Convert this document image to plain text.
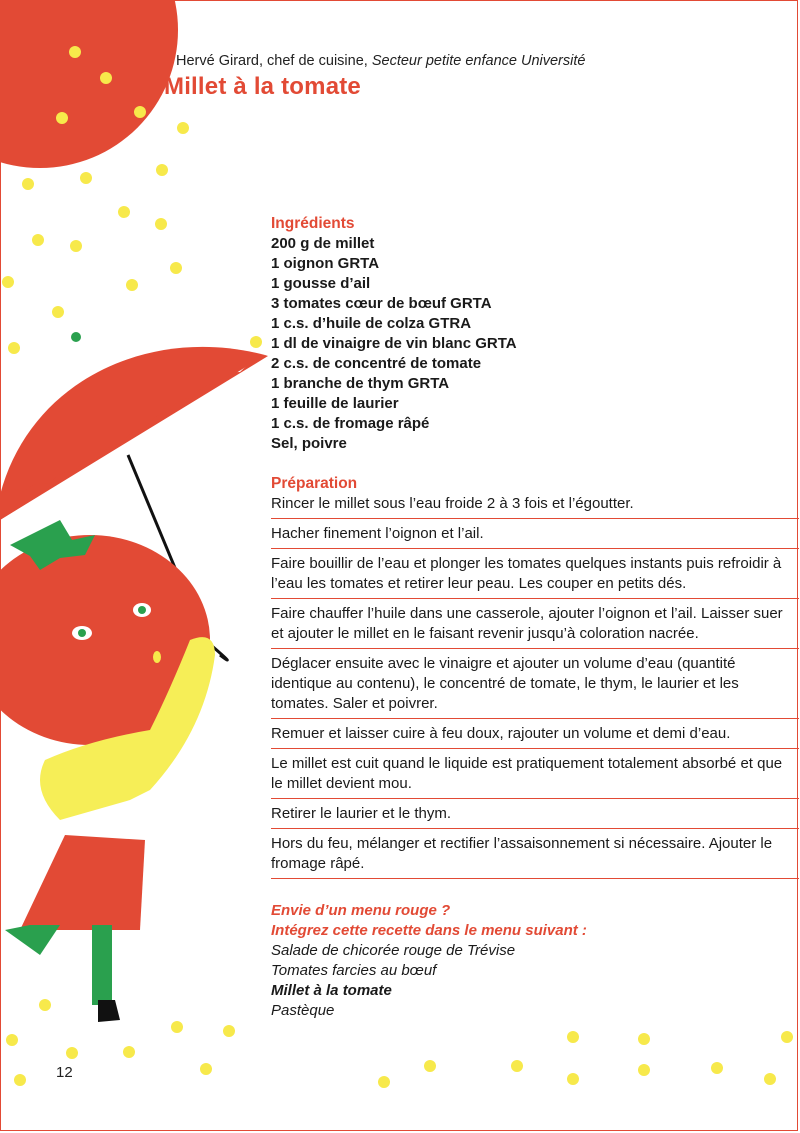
Hervé Girard, chef de cuisine, Secteur petite enfance Université
Millet à la tomate
Ingrédients
200 g de millet
1 oignon GRTA
1 gousse d’ail
3 tomates cœur de bœuf GRTA
1 c.s. d’huile de colza GTRA
1 dl de vinaigre de vin blanc GRTA
2 c.s. de concentré de tomate
1 branche de thym GRTA
1 feuille de laurier
1 c.s. de fromage râpé
Sel, poivre
Préparation
Rincer le millet sous l’eau froide 2 à 3 fois et l’égoutter.
Hacher finement l’oignon et l’ail.
Faire bouillir de l’eau et plonger les tomates quelques instants puis refroidir à l’eau les tomates et retirer leur peau. Les couper en petits dés.
Faire chauffer l’huile dans une casserole, ajouter l’oignon et l’ail. Laisser suer et ajouter le millet en le faisant revenir jusqu’à coloration nacrée.
Déglacer ensuite avec le vinaigre et ajouter un volume d’eau (quantité identique au contenu), le concentré de tomate, le thym, le laurier et les tomates. Saler et poivrer.
Remuer et laisser cuire à feu doux, rajouter un volume et demi d’eau.
Le millet est cuit quand le liquide est pratiquement totalement absorbé et que le millet devient mou.
Retirer le laurier et le thym.
Hors du feu, mélanger et rectifier l’assaisonnement si nécessaire. Ajouter le fromage râpé.
Envie d’un menu rouge ?
Intégrez cette recette dans le menu suivant :
Salade de chicorée rouge de Trévise
Tomates farcies au bœuf
Millet à la tomate
Pastèque
12
